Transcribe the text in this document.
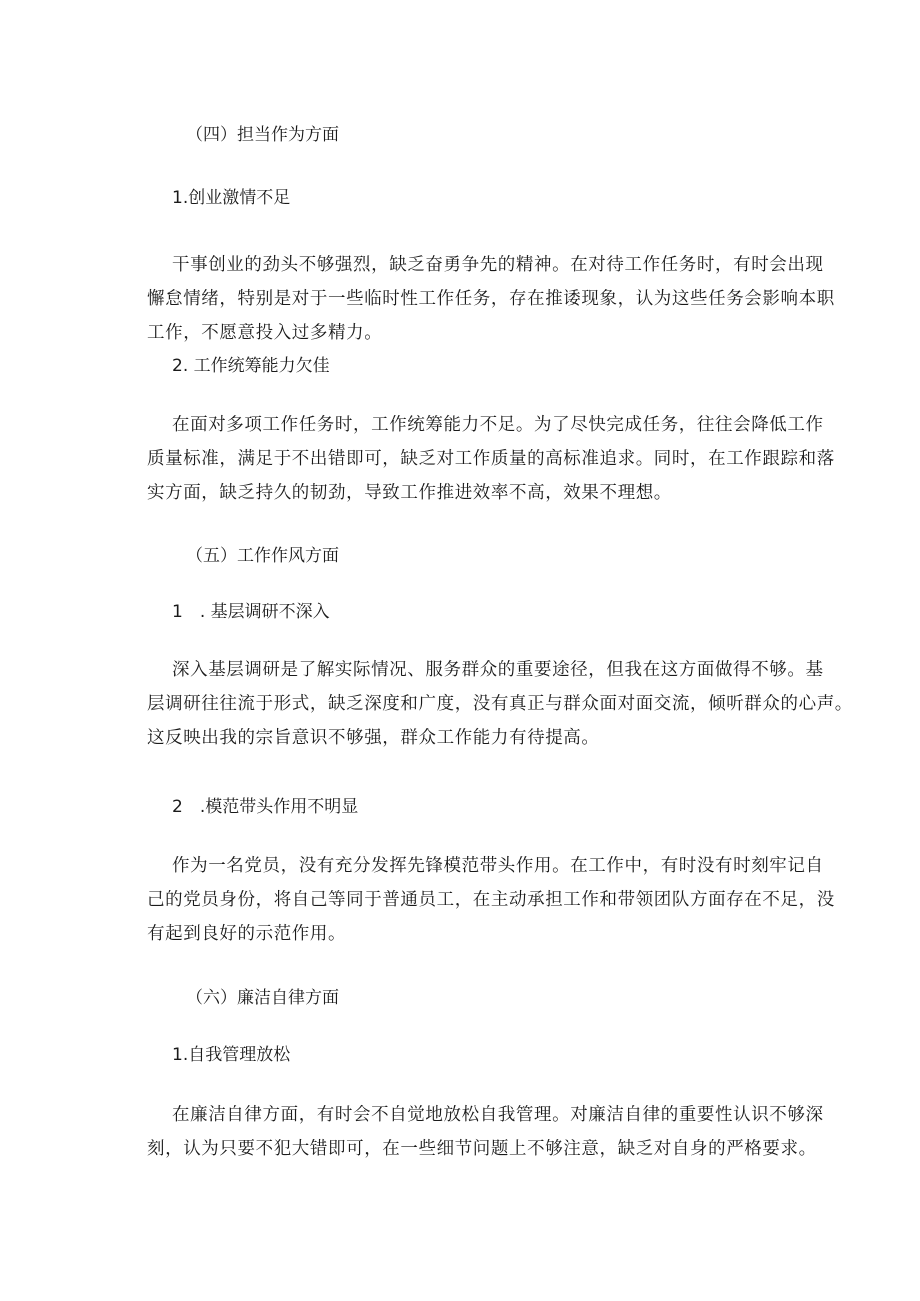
（四）担当作为方面
1.创业激情不足
干事创业的劲头不够强烈，缺乏奋勇争先的精神。在对待工作任务时，有时会出现
懈怠情绪，特别是对于一些临时性工作任务，存在推诿现象，认为这些任务会影响本职
工作，不愿意投入过多精力。
2. 工作统筹能力欠佳
在面对多项工作任务时，工作统筹能力不足。为了尽快完成任务，往往会降低工作
质量标准，满足于不出错即可，缺乏对工作质量的高标准追求。同时，在工作跟踪和落
实方面，缺乏持久的韧劲，导致工作推进效率不高，效果不理想。
（五）工作作风方面
1　. 基层调研不深入
深入基层调研是了解实际情况、服务群众的重要途径，但我在这方面做得不够。基
层调研往往流于形式，缺乏深度和广度，没有真正与群众面对面交流，倾听群众的心声。
这反映出我的宗旨意识不够强，群众工作能力有待提高。
2　.模范带头作用不明显
作为一名党员，没有充分发挥先锋模范带头作用。在工作中，有时没有时刻牢记自
己的党员身份，将自己等同于普通员工，在主动承担工作和带领团队方面存在不足，没
有起到良好的示范作用。
（六）廉洁自律方面
1.自我管理放松
在廉洁自律方面，有时会不自觉地放松自我管理。对廉洁自律的重要性认识不够深
刻，认为只要不犯大错即可，在一些细节问题上不够注意，缺乏对自身的严格要求。
